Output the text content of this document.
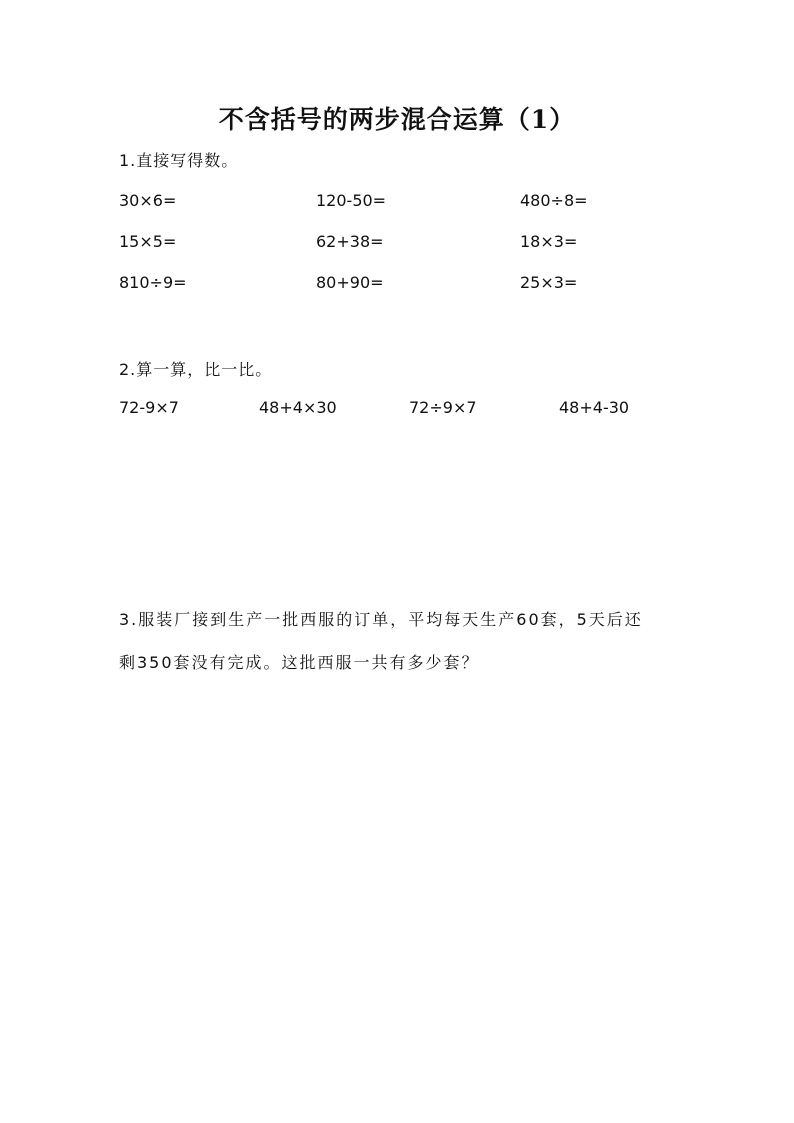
不含括号的两步混合运算（1）
1.直接写得数。
30×6=	120-50=	480÷8=
15×5=	62+38=	18×3=
810÷9=	80+90=	25×3=
2.算一算，比一比。
72-9×7	48+4×30	72÷9×7	48+4-30
3.服装厂接到生产一批西服的订单，平均每天生产60套，5天后还
剩350套没有完成。这批西服一共有多少套？
